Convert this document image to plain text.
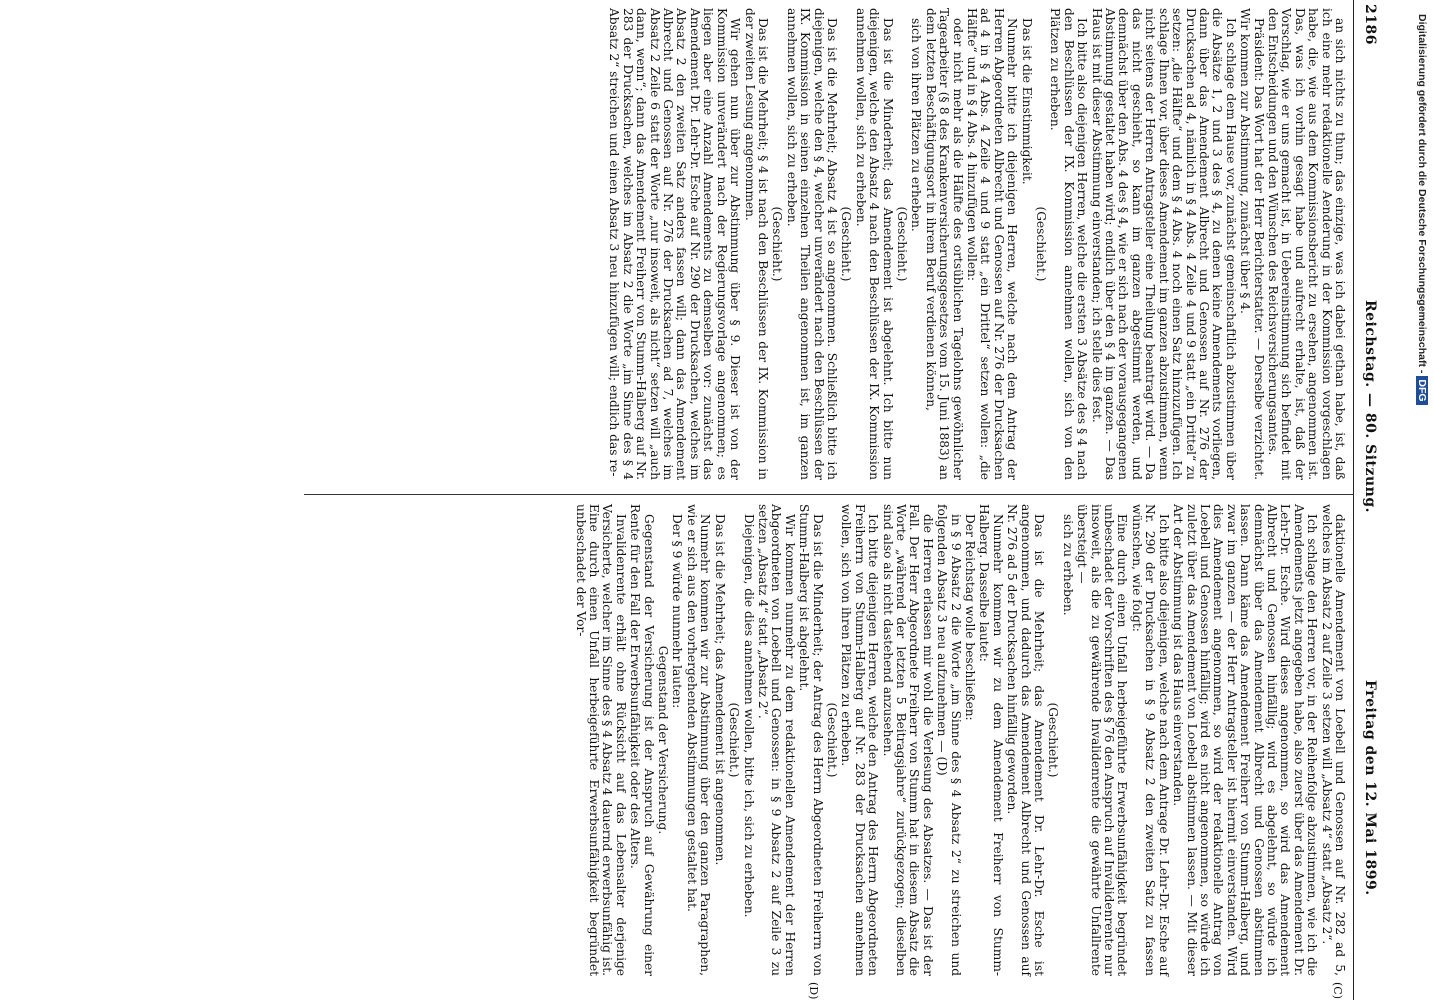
2186
Reichstag. — 80. Sitzung.
Freitag den 12. Mai 1899.
(C)
(D)

an sich nichts zu thun; das einzige, was ich dabei gethan habe, ist, daß ich eine mehr redaktionelle Aenderung in der Kommission vorgeschlagen habe, die, wie aus dem Kommissionsbericht zu ersehen, angenommen ist. Das, was ich vorhin gesagt habe und aufrecht erhalte, ist, daß der Vorschlag, wie er uns gemacht ist, in Uebereinstimmung sich befindet mit den Entscheidungen und den Wünschen des Reichsversicherungsamtes.

Präsident: Das Wort hat der Herr Berichterstatter. — Derselbe verzichtet. Wir kommen zur Abstimmung, zunächst über § 4.

Ich schlage dem Hause vor, zunächst gemeinschaftlich abzustimmen über die Absätze 1, 2 und 3 des § 4, zu denen keine Amendements vorliegen, dann über das Amendement Albrecht und Genossen auf Nr. 276 der Drucksachen ad 4, nämlich in § 4 Abs. 4 Zeile 4 und 9 statt „ein Drittel“ zu setzen: „die Hälfte“ und dem § 4 Abs. 4 noch einen Satz hinzuzufügen. Ich schlage Ihnen vor, über dieses Amendement im ganzen abzustimmen, wenn nicht seitens der Herren Antragsteller eine Theilung beantragt wird. — Da das nicht geschieht, so kann im ganzen abgestimmt werden, und demnächst über den Abs. 4 des § 4, wie er sich nach der vorausgegangenen Abstimmung gestaltet haben wird; endlich über den § 4 im ganzen. — Das Haus ist mit dieser Abstimmung einverstanden; ich stelle dies fest.

Ich bitte also diejenigen Herren, welche die ersten 3 Absätze des § 4 nach den Beschlüssen der IX. Kommission annehmen wollen, sich von den Plätzen zu erheben.

(Geschieht.)

Das ist die Einstimmigkeit.

Nunmehr bitte ich diejenigen Herren, welche nach dem Antrag der Herren Abgeordneten Albrecht und Genossen auf Nr. 276 der Drucksachen ad 4 in § 4 Abs. 4 Zeile 4 und 9 statt „ein Drittel“ setzen wollen: „die Hälfte“ und in § 4 Abs. 4 hinzufügen wollen:

oder nicht mehr als die Hälfte des ortsüblichen Tagelohns gewöhnlicher Tagearbeiter (§ 8 des Krankenversicherungsgesetzes vom 15. Juni 1883) an dem letzten Beschäftigungsort in ihrem Beruf verdienen können,

sich von ihren Plätzen zu erheben.

(Geschieht.)

Das ist die Minderheit; das Amendement ist abgelehnt. Ich bitte nun diejenigen, welche den Absatz 4 nach den Beschlüssen der IX. Kommission annehmen wollen, sich zu erheben.

(Geschieht.)

Das ist die Mehrheit; Absatz 4 ist so angenommen. Schließlich bitte ich diejenigen, welche den § 4, welcher unverändert nach den Beschlüssen der IX. Kommission in seinen einzelnen Theilen angenommen ist, im ganzen annehmen wollen, sich zu erheben.

(Geschieht.)

Das ist die Mehrheit; § 4 ist nach den Beschlüssen der IX. Kommission in der zweiten Lesung angenommen.

Wir gehen nun über zur Abstimmung über § 9. Dieser ist von der Kommission unverändert nach der Regierungsvorlage angenommen; es liegen aber eine Anzahl Amendements zu demselben vor: zunächst das Amendement Dr. Lehr-Dr. Esche auf Nr. 290 der Drucksachen, welches im Absatz 2 den zweiten Satz anders fassen will; dann das Amendement Albrecht und Genossen auf Nr. 276 der Drucksachen ad 7, welches im Absatz 2 Zeile 6 statt der Worte „nur insoweit, als nicht“ setzen will „auch dann, wenn“; dann das Amendement Freiherr von Stumm-Halberg auf Nr. 283 der Drucksachen, welches im Absatz 2 die Worte „im Sinne des § 4 Absatz 2“ streichen und einen Absatz 3 neu hinzufügen will; endlich das re-

daktionelle Amendement von Loebell und Genossen auf Nr. 282 ad 5, welches im Absatz 2 auf Zeile 3 setzen will „Absatz 4“ statt „Absatz 2“.

Ich schlage den Herren vor, in der Reihenfolge abzustimmen, wie ich die Amendements jetzt angegeben habe, also zuerst über das Amendement Dr. Lehr-Dr. Esche. Wird dieses angenommen, so wird das Amendement Albrecht und Genossen hinfällig; wird es abgelehnt, so würde ich demnächst über das Amendement Albrecht und Genossen abstimmen lassen. Dann käme das Amendement Freiherr von Stumm-Halberg, und zwar im ganzen — der Herr Antragsteller ist hiermit einverstanden. Wird dies Amendement angenommen, so wird der redaktionelle Antrag von Loebell und Genossen hinfällig; wird es nicht angenommen, so würde ich zuletzt über das Amendement von Loebell abstimmen lassen. — Mit dieser Art der Abstimmung ist das Haus einverstanden.

Ich bitte also diejenigen, welche nach dem Antrage Dr. Lehr-Dr. Esche auf Nr. 290 der Drucksachen in § 9 Absatz 2 den zweiten Satz zu fassen wünschen, wie folgt:

Eine durch einen Unfall herbeigeführte Erwerbsunfähigkeit begründet unbeschadet der Vorschriften des § 76 den Anspruch auf Invalidenrente nur insoweit, als die zu gewährende Invalidenrente die gewährte Unfallrente übersteigt —

sich zu erheben.

(Geschieht.)

Das ist die Mehrheit; das Amendement Dr. Lehr-Dr. Esche ist angenommen, und dadurch das Amendement Albrecht und Genossen auf Nr. 276 ad 5 der Drucksachen hinfällig geworden.

Nunmehr kommen wir zu dem Amendement Freiherr von Stumm-Halberg. Dasselbe lautet:

Der Reichstag wolle beschließen:

in § 9 Absatz 2 die Worte „im Sinne des § 4 Absatz 2“ zu streichen und folgenden Absatz 3 neu aufzunehmen — (D)

die Herren erlassen mir wohl die Verlesung des Absatzes. — Das ist der Fall. Der Herr Abgeordnete Freiherr von Stumm hat in diesem Absatz die Worte „während der letzten 5 Beitragsjahre“ zurückgezogen; dieselben sind also als nicht dastehend anzusehen.

Ich bitte diejenigen Herren, welche den Antrag des Herrn Abgeordneten Freiherrn von Stumm-Halberg auf Nr. 283 der Drucksachen annehmen wollen, sich von ihren Plätzen zu erheben.

(Geschieht.)

Das ist die Minderheit; der Antrag des Herrn Abgeordneten Freiherrn von Stumm-Halberg ist abgelehnt.

Wir kommen nunmehr zu dem redaktionellen Amendement der Herren Abgeordneten von Loebell und Genossen: in § 9 Absatz 2 auf Zeile 3 zu setzen „Absatz 4“ statt „Absatz 2“.

Diejenigen, die dies annehmen wollen, bitte ich, sich zu erheben.

(Geschieht.)

Das ist die Mehrheit; das Amendement ist angenommen.

Nunmehr kommen wir zur Abstimmung über den ganzen Paragraphen, wie er sich aus den vorhergehenden Abstimmungen gestaltet hat.

Der § 9 würde nunmehr lauten:

Gegenstand der Versicherung.

Gegenstand der Versicherung ist der Anspruch auf Gewährung einer Rente für den Fall der Erwerbsunfähigkeit oder des Alters.

Invalidenrente erhält ohne Rücksicht auf das Lebensalter derjenige Versicherte, welcher im Sinne des § 4 Absatz 4 dauernd erwerbsunfähig ist. Eine durch einen Unfall herbeigeführte Erwerbsunfähigkeit begründet unbeschadet der Vor-

Digitalisierung gefördert durch die Deutsche Forschungsgemeinschaft -DFG
